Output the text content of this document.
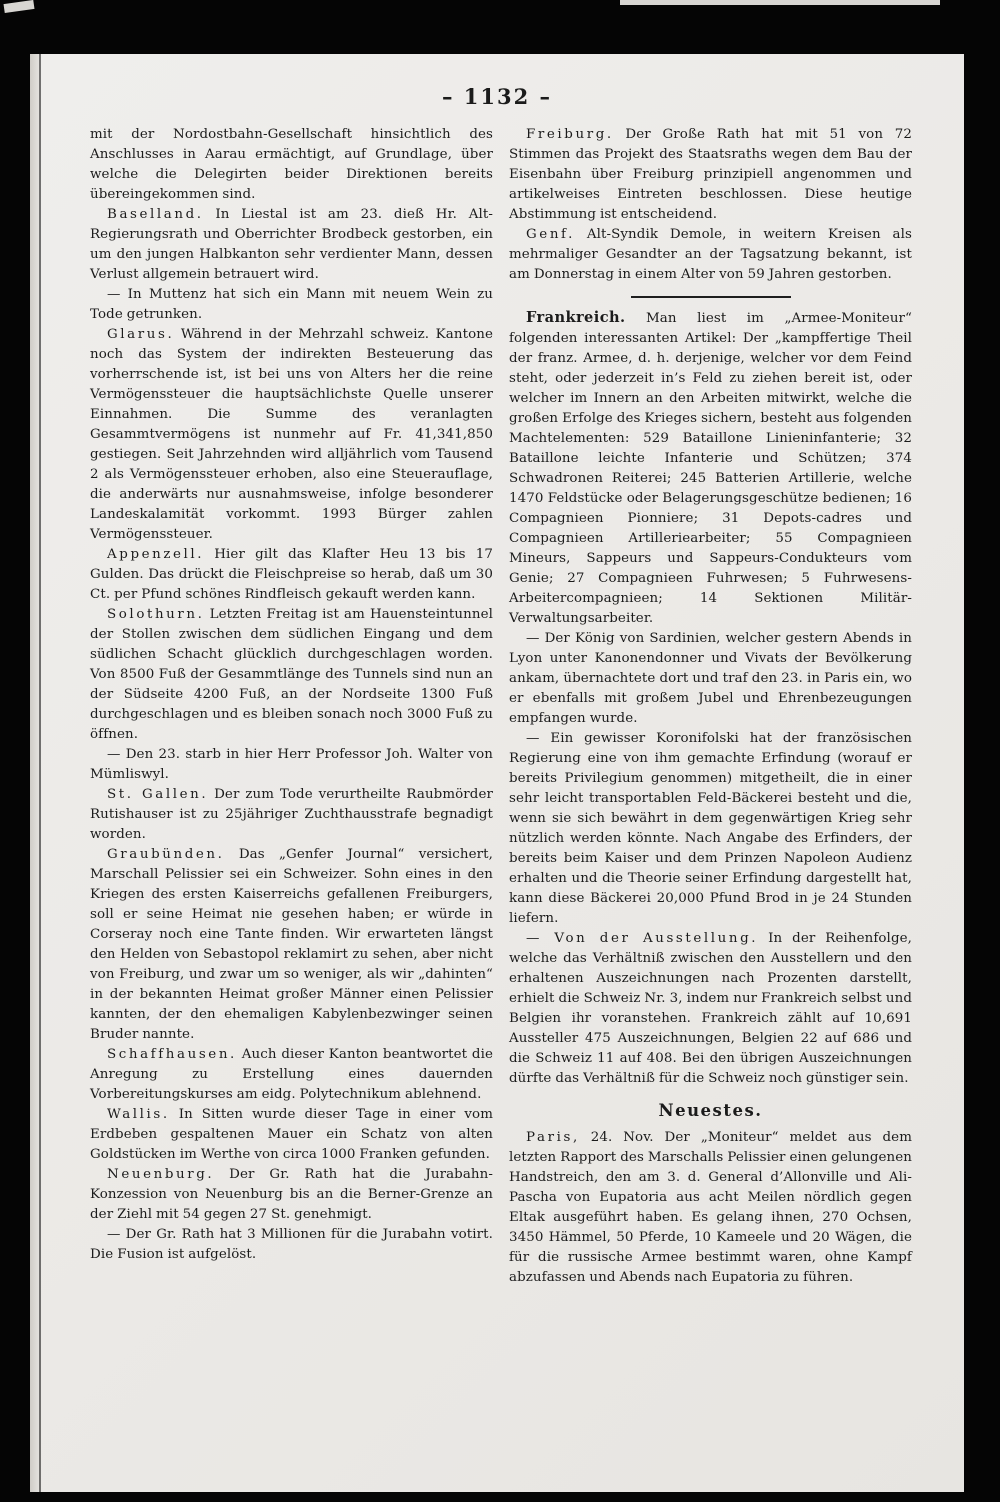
– 1132 –

mit der Nordostbahn-Gesellschaft hinsichtlich des Anschlusses in Aarau ermächtigt, auf Grundlage, über welche die Delegirten beider Direktionen bereits übereingekommen sind.

Baselland. In Liestal ist am 23. dieß Hr. Alt-Regierungsrath und Oberrichter Brodbeck gestorben, ein um den jungen Halbkanton sehr verdienter Mann, dessen Verlust allgemein betrauert wird.

— In Muttenz hat sich ein Mann mit neuem Wein zu Tode getrunken.

Glarus. Während in der Mehrzahl schweiz. Kantone noch das System der indirekten Besteuerung das vorherrschende ist, ist bei uns von Alters her die reine Vermögenssteuer die hauptsächlichste Quelle unserer Einnahmen. Die Summe des veranlagten Gesammtvermögens ist nunmehr auf Fr. 41,341,850 gestiegen. Seit Jahrzehnden wird alljährlich vom Tausend 2 als Vermögenssteuer erhoben, also eine Steuerauflage, die anderwärts nur ausnahmsweise, infolge besonderer Landeskalamität vorkommt. 1993 Bürger zahlen Vermögenssteuer.

Appenzell. Hier gilt das Klafter Heu 13 bis 17 Gulden. Das drückt die Fleischpreise so herab, daß um 30 Ct. per Pfund schönes Rindfleisch gekauft werden kann.

Solothurn. Letzten Freitag ist am Hauensteintunnel der Stollen zwischen dem südlichen Eingang und dem südlichen Schacht glücklich durchgeschlagen worden. Von 8500 Fuß der Gesammtlänge des Tunnels sind nun an der Südseite 4200 Fuß, an der Nordseite 1300 Fuß durchgeschlagen und es bleiben sonach noch 3000 Fuß zu öffnen.

— Den 23. starb in hier Herr Professor Joh. Walter von Mümliswyl.

St. Gallen. Der zum Tode verurtheilte Raubmörder Rutishauser ist zu 25jähriger Zuchthausstrafe begnadigt worden.

Graubünden. Das „Genfer Journal“ versichert, Marschall Pelissier sei ein Schweizer. Sohn eines in den Kriegen des ersten Kaiserreichs gefallenen Freiburgers, soll er seine Heimat nie gesehen haben; er würde in Corseray noch eine Tante finden. Wir erwarteten längst den Helden von Sebastopol reklamirt zu sehen, aber nicht von Freiburg, und zwar um so weniger, als wir „dahinten“ in der bekannten Heimat großer Männer einen Pelissier kannten, der den ehemaligen Kabylenbezwinger seinen Bruder nannte.

Schaffhausen. Auch dieser Kanton beantwortet die Anregung zu Erstellung eines dauernden Vorbereitungskurses am eidg. Polytechnikum ablehnend.

Wallis. In Sitten wurde dieser Tage in einer vom Erdbeben gespaltenen Mauer ein Schatz von alten Goldstücken im Werthe von circa 1000 Franken gefunden.

Neuenburg. Der Gr. Rath hat die Jurabahn-Konzession von Neuenburg bis an die Berner-Grenze an der Ziehl mit 54 gegen 27 St. genehmigt.

— Der Gr. Rath hat 3 Millionen für die Jurabahn votirt. Die Fusion ist aufgelöst.

Freiburg. Der Große Rath hat mit 51 von 72 Stimmen das Projekt des Staatsraths wegen dem Bau der Eisenbahn über Freiburg prinzipiell angenommen und artikelweises Eintreten beschlossen. Diese heutige Abstimmung ist entscheidend.

Genf. Alt-Syndik Demole, in weitern Kreisen als mehrmaliger Gesandter an der Tagsatzung bekannt, ist am Donnerstag in einem Alter von 59 Jahren gestorben.

Frankreich. Man liest im „Armee-Moniteur“ folgenden interessanten Artikel: Der „kampffertige Theil der franz. Armee, d. h. derjenige, welcher vor dem Feind steht, oder jederzeit in’s Feld zu ziehen bereit ist, oder welcher im Innern an den Arbeiten mitwirkt, welche die großen Erfolge des Krieges sichern, besteht aus folgenden Machtelementen: 529 Bataillone Linieninfanterie; 32 Bataillone leichte Infanterie und Schützen; 374 Schwadronen Reiterei; 245 Batterien Artillerie, welche 1470 Feldstücke oder Belagerungsgeschütze bedienen; 16 Compagnieen Pionniere; 31 Depots-cadres und Compagnieen Artilleriearbeiter; 55 Compagnieen Mineurs, Sappeurs und Sappeurs-Condukteurs vom Genie; 27 Compagnieen Fuhrwesen; 5 Fuhrwesens-Arbeitercompagnieen; 14 Sektionen Militär-Verwaltungsarbeiter.

— Der König von Sardinien, welcher gestern Abends in Lyon unter Kanonendonner und Vivats der Bevölkerung ankam, übernachtete dort und traf den 23. in Paris ein, wo er ebenfalls mit großem Jubel und Ehrenbezeugungen empfangen wurde.

— Ein gewisser Koronifolski hat der französischen Regierung eine von ihm gemachte Erfindung (worauf er bereits Privilegium genommen) mitgetheilt, die in einer sehr leicht transportablen Feld-Bäckerei besteht und die, wenn sie sich bewährt in dem gegenwärtigen Krieg sehr nützlich werden könnte. Nach Angabe des Erfinders, der bereits beim Kaiser und dem Prinzen Napoleon Audienz erhalten und die Theorie seiner Erfindung dargestellt hat, kann diese Bäckerei 20,000 Pfund Brod in je 24 Stunden liefern.

— Von der Ausstellung. In der Reihenfolge, welche das Verhältniß zwischen den Ausstellern und den erhaltenen Auszeichnungen nach Prozenten darstellt, erhielt die Schweiz Nr. 3, indem nur Frankreich selbst und Belgien ihr voranstehen. Frankreich zählt auf 10,691 Aussteller 475 Auszeichnungen, Belgien 22 auf 686 und die Schweiz 11 auf 408. Bei den übrigen Auszeichnungen dürfte das Verhältniß für die Schweiz noch günstiger sein.

Neuestes.

Paris, 24. Nov. Der „Moniteur“ meldet aus dem letzten Rapport des Marschalls Pelissier einen gelungenen Handstreich, den am 3. d. General d’Allonville und Ali-Pascha von Eupatoria aus acht Meilen nördlich gegen Eltak ausgeführt haben. Es gelang ihnen, 270 Ochsen, 3450 Hämmel, 50 Pferde, 10 Kameele und 20 Wägen, die für die russische Armee bestimmt waren, ohne Kampf abzufassen und Abends nach Eupatoria zu führen.
